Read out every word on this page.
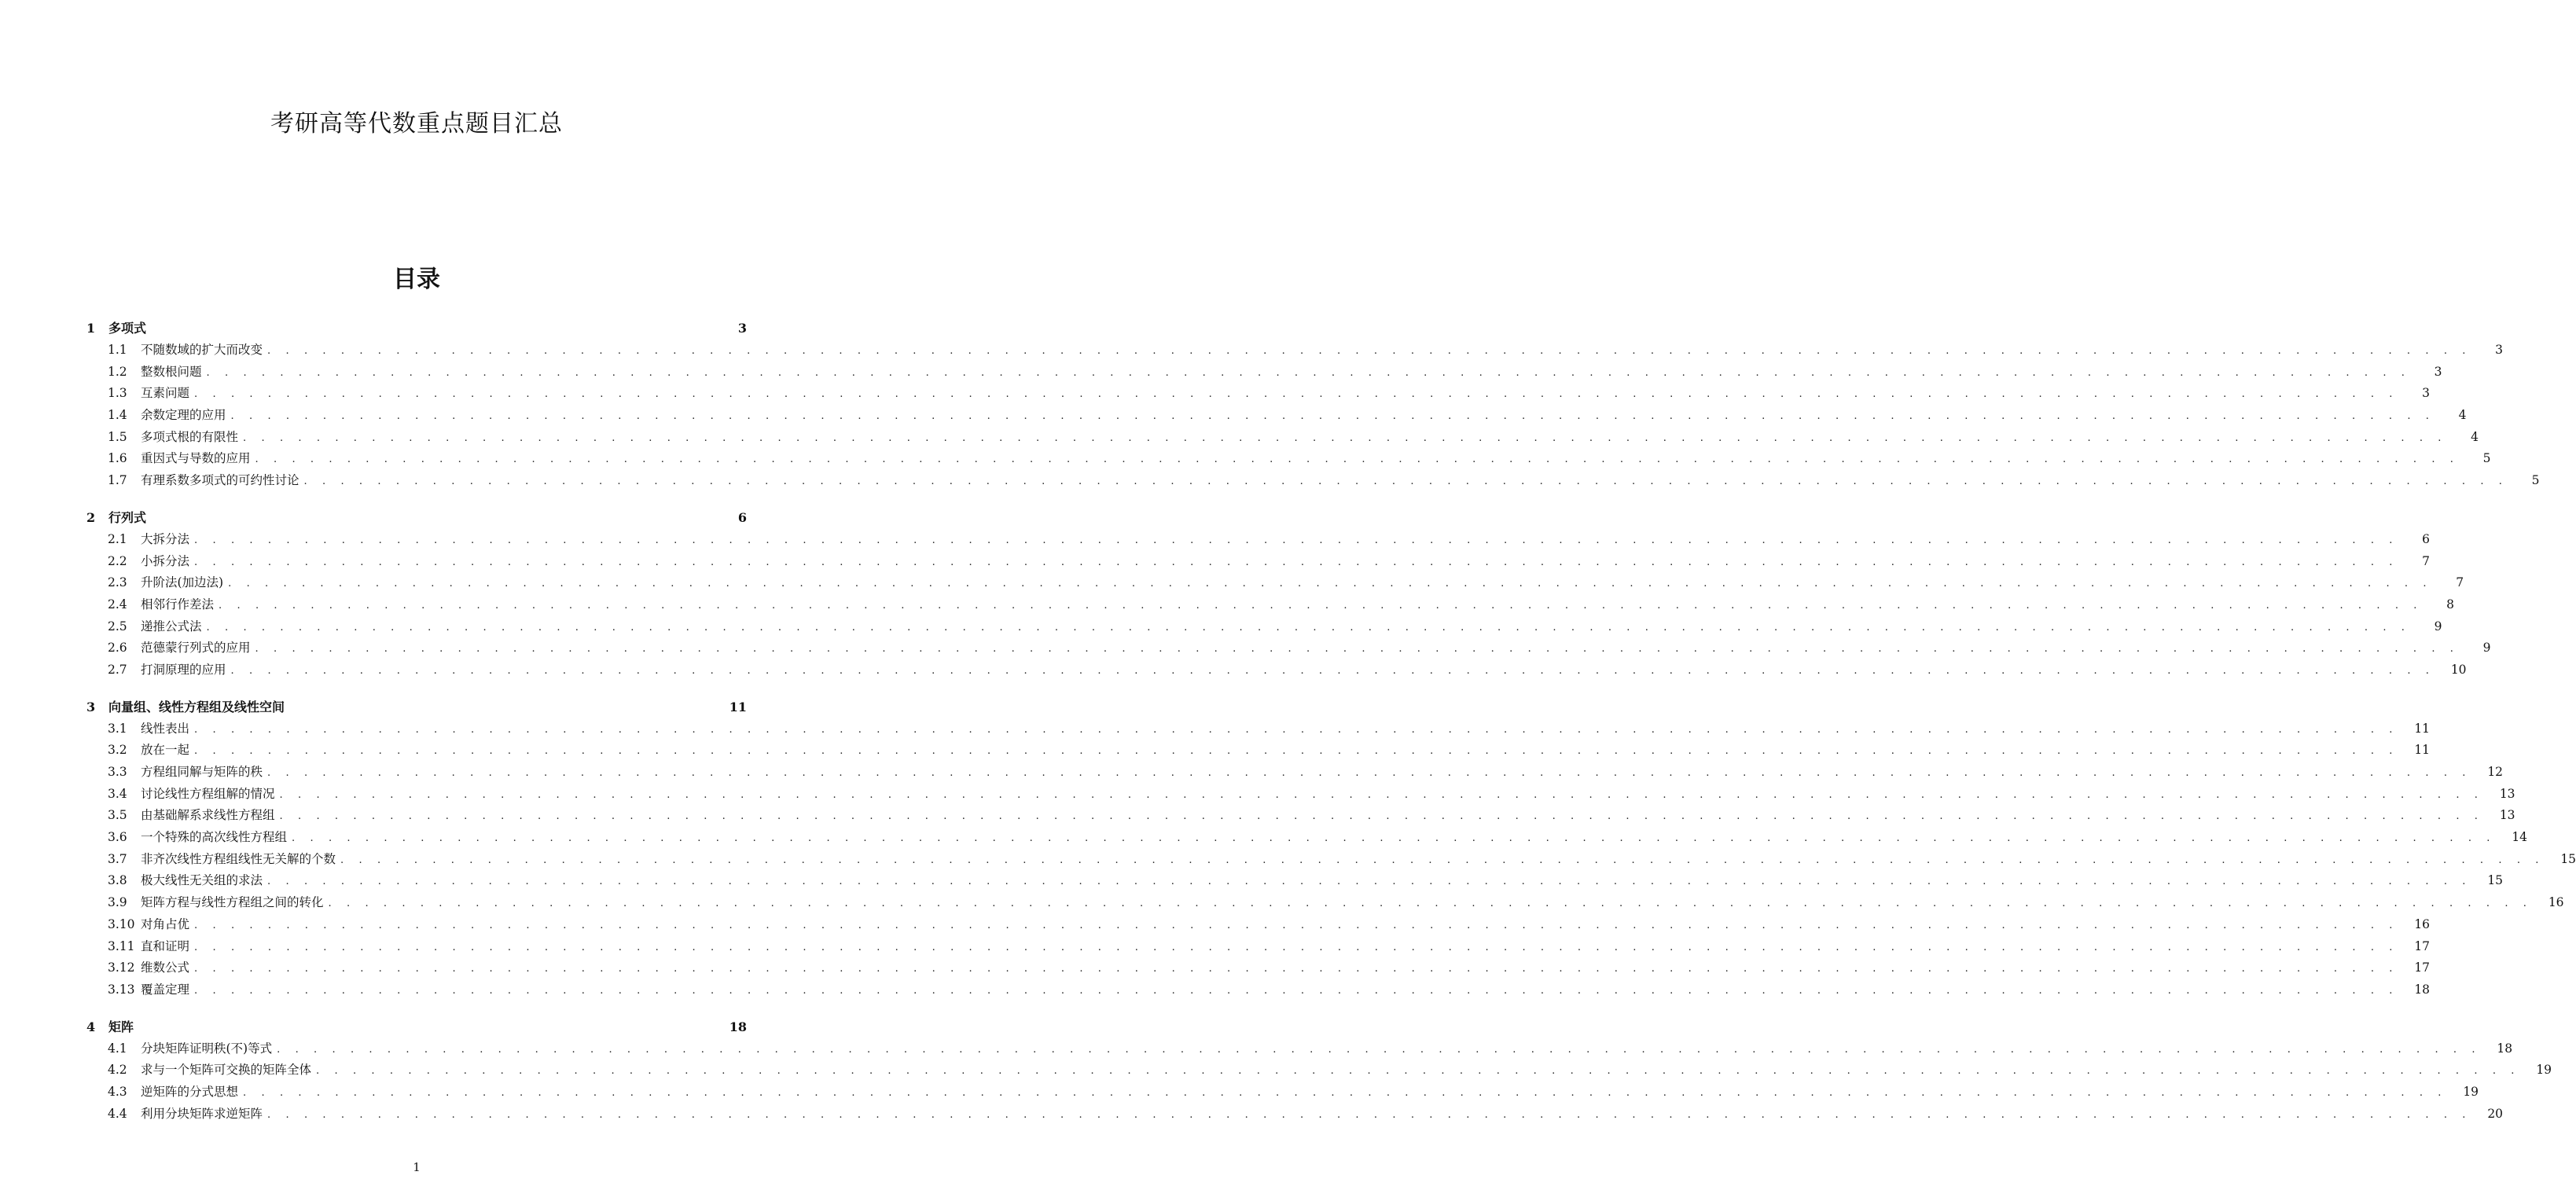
考研高等代数重点题目汇总
目录
1	多项式	3
1.1	不随数域的扩大而改变 . . . . . . . . . . . . . . . . . . . . . . . . . . . . . . . . . . . . . . . . . . . . . . . . . . . . . . . . . . . . . . . . . . . . . . . . . . . . . . . . . . . . . . . . . . . . . . . . . . . . . . . . . . . . . . . . . . . . . . . .	3
1.2	整数根问题 . . . . . . . . . . . . . . . . . . . . . . . . . . . . . . . . . . . . . . . . . . . . . . . . . . . . . . . . . . . . . . . . . . . . . . . . . . . . . . . . . . . . . . . . . . . . . . . . . . . . . . . . . . . . . . . . . . . . . . . .	3
1.3	互素问题 . . . . . . . . . . . . . . . . . . . . . . . . . . . . . . . . . . . . . . . . . . . . . . . . . . . . . . . . . . . . . . . . . . . . . . . . . . . . . . . . . . . . . . . . . . . . . . . . . . . . . . . . . . . . . . . . . . . . . . . .	3
1.4	余数定理的应用 . . . . . . . . . . . . . . . . . . . . . . . . . . . . . . . . . . . . . . . . . . . . . . . . . . . . . . . . . . . . . . . . . . . . . . . . . . . . . . . . . . . . . . . . . . . . . . . . . . . . . . . . . . . . . . . . . . . . . . . .	4
1.5	多项式根的有限性 . . . . . . . . . . . . . . . . . . . . . . . . . . . . . . . . . . . . . . . . . . . . . . . . . . . . . . . . . . . . . . . . . . . . . . . . . . . . . . . . . . . . . . . . . . . . . . . . . . . . . . . . . . . . . . . . . . . . . . . .	4
1.6	重因式与导数的应用 . . . . . . . . . . . . . . . . . . . . . . . . . . . . . . . . . . . . . . . . . . . . . . . . . . . . . . . . . . . . . . . . . . . . . . . . . . . . . . . . . . . . . . . . . . . . . . . . . . . . . . . . . . . . . . . . . . . . . . . .	5
1.7	有理系数多项式的可约性讨论 . . . . . . . . . . . . . . . . . . . . . . . . . . . . . . . . . . . . . . . . . . . . . . . . . . . . . . . . . . . . . . . . . . . . . . . . . . . . . . . . . . . . . . . . . . . . . . . . . . . . . . . . . . . . . . . . . . . . . . . .	5
2	行列式	6
2.1	大拆分法 . . . . . . . . . . . . . . . . . . . . . . . . . . . . . . . . . . . . . . . . . . . . . . . . . . . . . . . . . . . . . . . . . . . . . . . . . . . . . . . . . . . . . . . . . . . . . . . . . . . . . . . . . . . . . . . . . . . . . . . .	6
2.2	小拆分法 . . . . . . . . . . . . . . . . . . . . . . . . . . . . . . . . . . . . . . . . . . . . . . . . . . . . . . . . . . . . . . . . . . . . . . . . . . . . . . . . . . . . . . . . . . . . . . . . . . . . . . . . . . . . . . . . . . . . . . . .	7
2.3	升阶法(加边法) . . . . . . . . . . . . . . . . . . . . . . . . . . . . . . . . . . . . . . . . . . . . . . . . . . . . . . . . . . . . . . . . . . . . . . . . . . . . . . . . . . . . . . . . . . . . . . . . . . . . . . . . . . . . . . . . . . . . . . . .	7
2.4	相邻行作差法 . . . . . . . . . . . . . . . . . . . . . . . . . . . . . . . . . . . . . . . . . . . . . . . . . . . . . . . . . . . . . . . . . . . . . . . . . . . . . . . . . . . . . . . . . . . . . . . . . . . . . . . . . . . . . . . . . . . . . . . .	8
2.5	递推公式法 . . . . . . . . . . . . . . . . . . . . . . . . . . . . . . . . . . . . . . . . . . . . . . . . . . . . . . . . . . . . . . . . . . . . . . . . . . . . . . . . . . . . . . . . . . . . . . . . . . . . . . . . . . . . . . . . . . . . . . . .	9
2.6	范德蒙行列式的应用 . . . . . . . . . . . . . . . . . . . . . . . . . . . . . . . . . . . . . . . . . . . . . . . . . . . . . . . . . . . . . . . . . . . . . . . . . . . . . . . . . . . . . . . . . . . . . . . . . . . . . . . . . . . . . . . . . . . . . . . .	9
2.7	打洞原理的应用 . . . . . . . . . . . . . . . . . . . . . . . . . . . . . . . . . . . . . . . . . . . . . . . . . . . . . . . . . . . . . . . . . . . . . . . . . . . . . . . . . . . . . . . . . . . . . . . . . . . . . . . . . . . . . . . . . . . . . . . .	10
3	向量组、线性方程组及线性空间	11
3.1	线性表出 . . . . . . . . . . . . . . . . . . . . . . . . . . . . . . . . . . . . . . . . . . . . . . . . . . . . . . . . . . . . . . . . . . . . . . . . . . . . . . . . . . . . . . . . . . . . . . . . . . . . . . . . . . . . . . . . . . . . . . . .	11
3.2	放在一起 . . . . . . . . . . . . . . . . . . . . . . . . . . . . . . . . . . . . . . . . . . . . . . . . . . . . . . . . . . . . . . . . . . . . . . . . . . . . . . . . . . . . . . . . . . . . . . . . . . . . . . . . . . . . . . . . . . . . . . . .	11
3.3	方程组同解与矩阵的秩 . . . . . . . . . . . . . . . . . . . . . . . . . . . . . . . . . . . . . . . . . . . . . . . . . . . . . . . . . . . . . . . . . . . . . . . . . . . . . . . . . . . . . . . . . . . . . . . . . . . . . . . . . . . . . . . . . . . . . . . .	12
3.4	讨论线性方程组解的情况 . . . . . . . . . . . . . . . . . . . . . . . . . . . . . . . . . . . . . . . . . . . . . . . . . . . . . . . . . . . . . . . . . . . . . . . . . . . . . . . . . . . . . . . . . . . . . . . . . . . . . . . . . . . . . . . . . . . . . . . .	13
3.5	由基础解系求线性方程组 . . . . . . . . . . . . . . . . . . . . . . . . . . . . . . . . . . . . . . . . . . . . . . . . . . . . . . . . . . . . . . . . . . . . . . . . . . . . . . . . . . . . . . . . . . . . . . . . . . . . . . . . . . . . . . . . . . . . . . . .	13
3.6	一个特殊的高次线性方程组 . . . . . . . . . . . . . . . . . . . . . . . . . . . . . . . . . . . . . . . . . . . . . . . . . . . . . . . . . . . . . . . . . . . . . . . . . . . . . . . . . . . . . . . . . . . . . . . . . . . . . . . . . . . . . . . . . . . . . . . .	14
3.7	非齐次线性方程组线性无关解的个数 . . . . . . . . . . . . . . . . . . . . . . . . . . . . . . . . . . . . . . . . . . . . . . . . . . . . . . . . . . . . . . . . . . . . . . . . . . . . . . . . . . . . . . . . . . . . . . . . . . . . . . . . . . . . . . . . . . . . . . . .	15
3.8	极大线性无关组的求法 . . . . . . . . . . . . . . . . . . . . . . . . . . . . . . . . . . . . . . . . . . . . . . . . . . . . . . . . . . . . . . . . . . . . . . . . . . . . . . . . . . . . . . . . . . . . . . . . . . . . . . . . . . . . . . . . . . . . . . . .	15
3.9	矩阵方程与线性方程组之间的转化 . . . . . . . . . . . . . . . . . . . . . . . . . . . . . . . . . . . . . . . . . . . . . . . . . . . . . . . . . . . . . . . . . . . . . . . . . . . . . . . . . . . . . . . . . . . . . . . . . . . . . . . . . . . . . . . . . . . . . . . .	16
3.10 对角占优 . . . . . . . . . . . . . . . . . . . . . . . . . . . . . . . . . . . . . . . . . . . . . . . . . . . . . . . . . . . . . . . . . . . . . . . . . . . . . . . . . . . . . . . . . . . . . . . . . . . . . . . . . . . . . . . . . . . . . . . .	16
3.11 直和证明 . . . . . . . . . . . . . . . . . . . . . . . . . . . . . . . . . . . . . . . . . . . . . . . . . . . . . . . . . . . . . . . . . . . . . . . . . . . . . . . . . . . . . . . . . . . . . . . . . . . . . . . . . . . . . . . . . . . . . . . .	17
3.12 维数公式 . . . . . . . . . . . . . . . . . . . . . . . . . . . . . . . . . . . . . . . . . . . . . . . . . . . . . . . . . . . . . . . . . . . . . . . . . . . . . . . . . . . . . . . . . . . . . . . . . . . . . . . . . . . . . . . . . . . . . . . .	17
3.13 覆盖定理 . . . . . . . . . . . . . . . . . . . . . . . . . . . . . . . . . . . . . . . . . . . . . . . . . . . . . . . . . . . . . . . . . . . . . . . . . . . . . . . . . . . . . . . . . . . . . . . . . . . . . . . . . . . . . . . . . . . . . . . .	18
4	矩阵	18
4.1	分块矩阵证明秩(不)等式 . . . . . . . . . . . . . . . . . . . . . . . . . . . . . . . . . . . . . . . . . . . . . . . . . . . . . . . . . . . . . . . . . . . . . . . . . . . . . . . . . . . . . . . . . . . . . . . . . . . . . . . . . . . . . . . . . . . . . . . .	18
4.2	求与一个矩阵可交换的矩阵全体 . . . . . . . . . . . . . . . . . . . . . . . . . . . . . . . . . . . . . . . . . . . . . . . . . . . . . . . . . . . . . . . . . . . . . . . . . . . . . . . . . . . . . . . . . . . . . . . . . . . . . . . . . . . . . . . . . . . . . . . .	19
4.3	逆矩阵的分式思想 . . . . . . . . . . . . . . . . . . . . . . . . . . . . . . . . . . . . . . . . . . . . . . . . . . . . . . . . . . . . . . . . . . . . . . . . . . . . . . . . . . . . . . . . . . . . . . . . . . . . . . . . . . . . . . . . . . . . . . . .	19
4.4	利用分块矩阵求逆矩阵 . . . . . . . . . . . . . . . . . . . . . . . . . . . . . . . . . . . . . . . . . . . . . . . . . . . . . . . . . . . . . . . . . . . . . . . . . . . . . . . . . . . . . . . . . . . . . . . . . . . . . . . . . . . . . . . . . . . . . . . .	20
1
